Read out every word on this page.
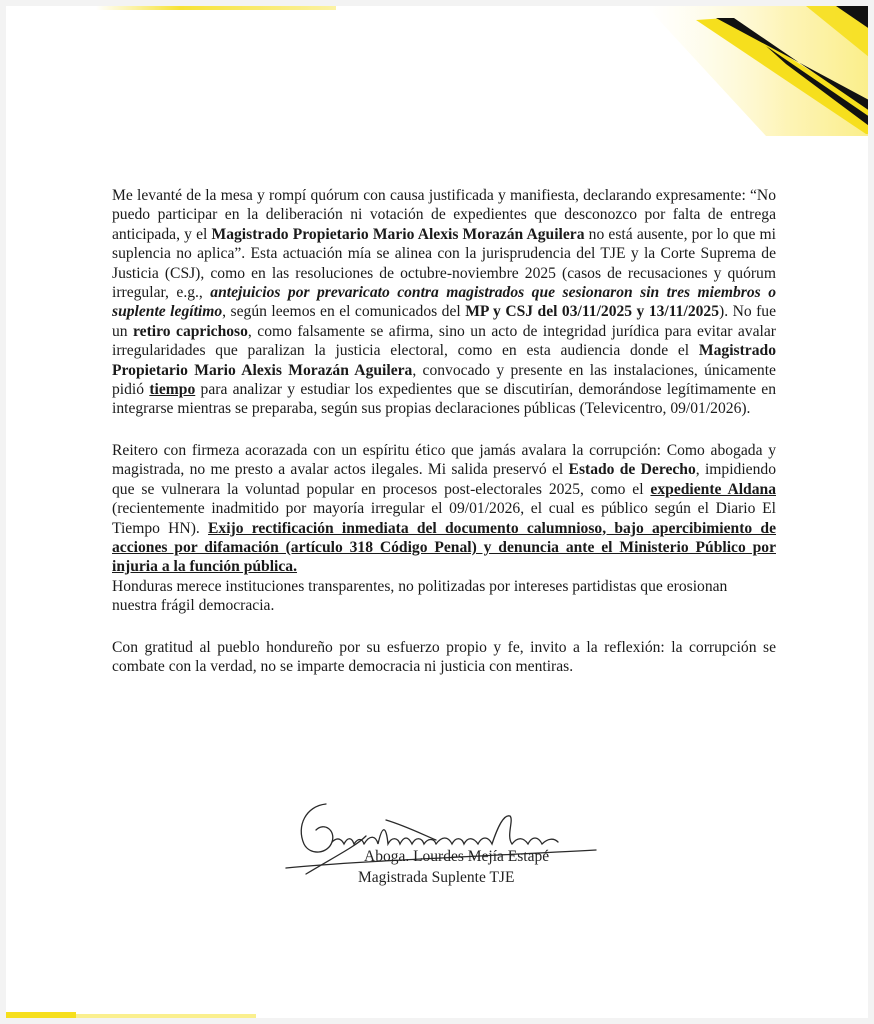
Me levanté de la mesa y rompí quórum con causa justificada y manifiesta, declarando expresamente: “No puedo participar en la deliberación ni votación de expedientes que desconozco por falta de entrega anticipada, y el Magistrado Propietario Mario Alexis Morazán Aguilera no está ausente, por lo que mi suplencia no aplica”. Esta actuación mía se alinea con la jurisprudencia del TJE y la Corte Suprema de Justicia (CSJ), como en las resoluciones de octubre-noviembre 2025 (casos de recusaciones y quórum irregular, e.g., antejuicios por prevaricato contra magistrados que sesionaron sin tres miembros o suplente legítimo, según leemos en el comunicados del MP y CSJ del 03/11/2025 y 13/11/2025). No fue un retiro caprichoso, como falsamente se afirma, sino un acto de integridad jurídica para evitar avalar irregularidades que paralizan la justicia electoral, como en esta audiencia donde el Magistrado Propietario Mario Alexis Morazán Aguilera, convocado y presente en las instalaciones, únicamente pidió tiempo para analizar y estudiar los expedientes que se discutirían, demorándose legítimamente en integrarse mientras se preparaba, según sus propias declaraciones públicas (Televicentro, 09/01/2026).

Reitero con firmeza acorazada con un espíritu ético que jamás avalara la corrupción: Como abogada y magistrada, no me presto a avalar actos ilegales. Mi salida preservó el Estado de Derecho, impidiendo que se vulnerara la voluntad popular en procesos post-electorales 2025, como el expediente Aldana (recientemente inadmitido por mayoría irregular el 09/01/2026, el cual es público según el Diario El Tiempo HN). Exijo rectificación inmediata del documento calumnioso, bajo apercibimiento de acciones por difamación (artículo 318 Código Penal) y denuncia ante el Ministerio Público por injuria a la función pública.

Honduras merece instituciones transparentes, no politizadas por intereses partidistas que erosionan nuestra frágil democracia.

Con gratitud al pueblo hondureño por su esfuerzo propio y fe, invito a la reflexión: la corrupción se combate con la verdad, no se imparte democracia ni justicia con mentiras.

Abogа. Lourdes Mejía Estapé
Magistrada Suplente TJE
